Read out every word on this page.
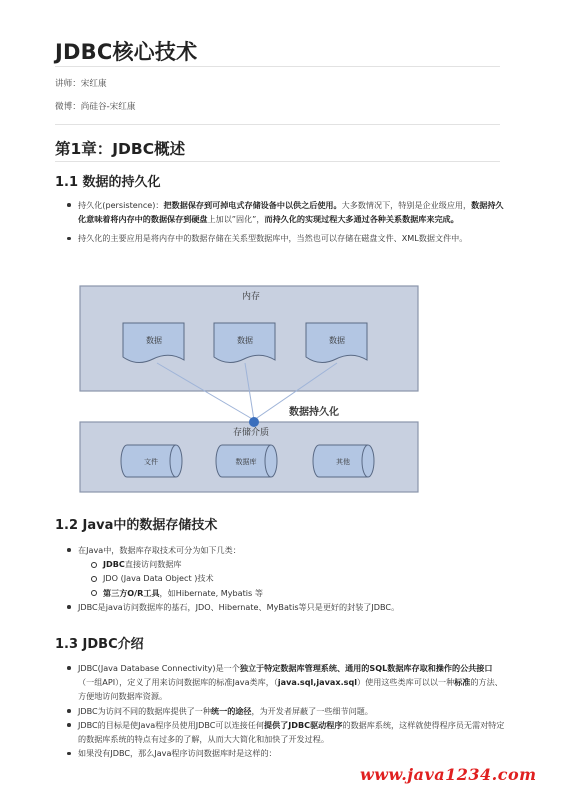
JDBC核心技术
讲师：宋红康
微博：尚硅谷-宋红康
第1章：JDBC概述
1.1 数据的持久化
持久化(persistence)：把数据保存到可掉电式存储设备中以供之后使用。大多数情况下，特别是企业级应用，数据持久化意味着将内存中的数据保存到硬盘上加以”固化”，而持久化的实现过程大多通过各种关系数据库来完成。
持久化的主要应用是将内存中的数据存储在关系型数据库中，当然也可以存储在磁盘文件、XML数据文件中。
内存
数据	数据	数据
数据持久化
存储介质
文件	数据库	其他
1.2 Java中的数据存储技术
在Java中，数据库存取技术可分为如下几类：
JDBC直接访问数据库
JDO (Java Data Object )技术
第三方O/R工具，如Hibernate, Mybatis 等
JDBC是java访问数据库的基石，JDO、Hibernate、MyBatis等只是更好的封装了JDBC。
1.3 JDBC介绍
JDBC(Java Database Connectivity)是一个独立于特定数据库管理系统、通用的SQL数据库存取和操作的公共接口（一组API），定义了用来访问数据库的标准Java类库，（java.sql,javax.sql）使用这些类库可以以一种标准的方法、方便地访问数据库资源。
JDBC为访问不同的数据库提供了一种统一的途径，为开发者屏蔽了一些细节问题。
JDBC的目标是使Java程序员使用JDBC可以连接任何提供了JDBC驱动程序的数据库系统，这样就使得程序员无需对特定的数据库系统的特点有过多的了解，从而大大简化和加快了开发过程。
如果没有JDBC，那么Java程序访问数据库时是这样的：
www.java1234.com
